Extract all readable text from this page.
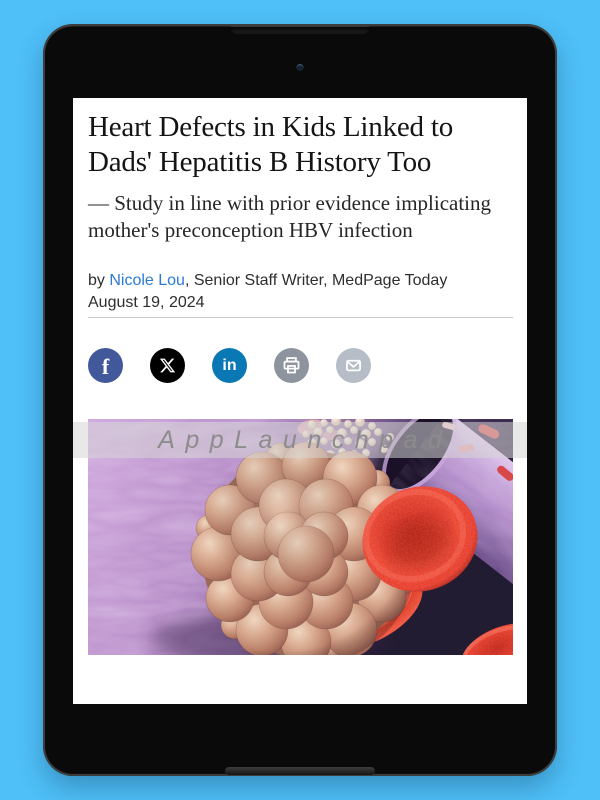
Heart Defects in Kids Linked to Dads' Hepatitis B History Too

— Study in line with prior evidence implicating mother's preconception HBV infection

by Nicole Lou, Senior Staff Writer, MedPage Today
August 19, 2024
f	in
AppLaunchpad
